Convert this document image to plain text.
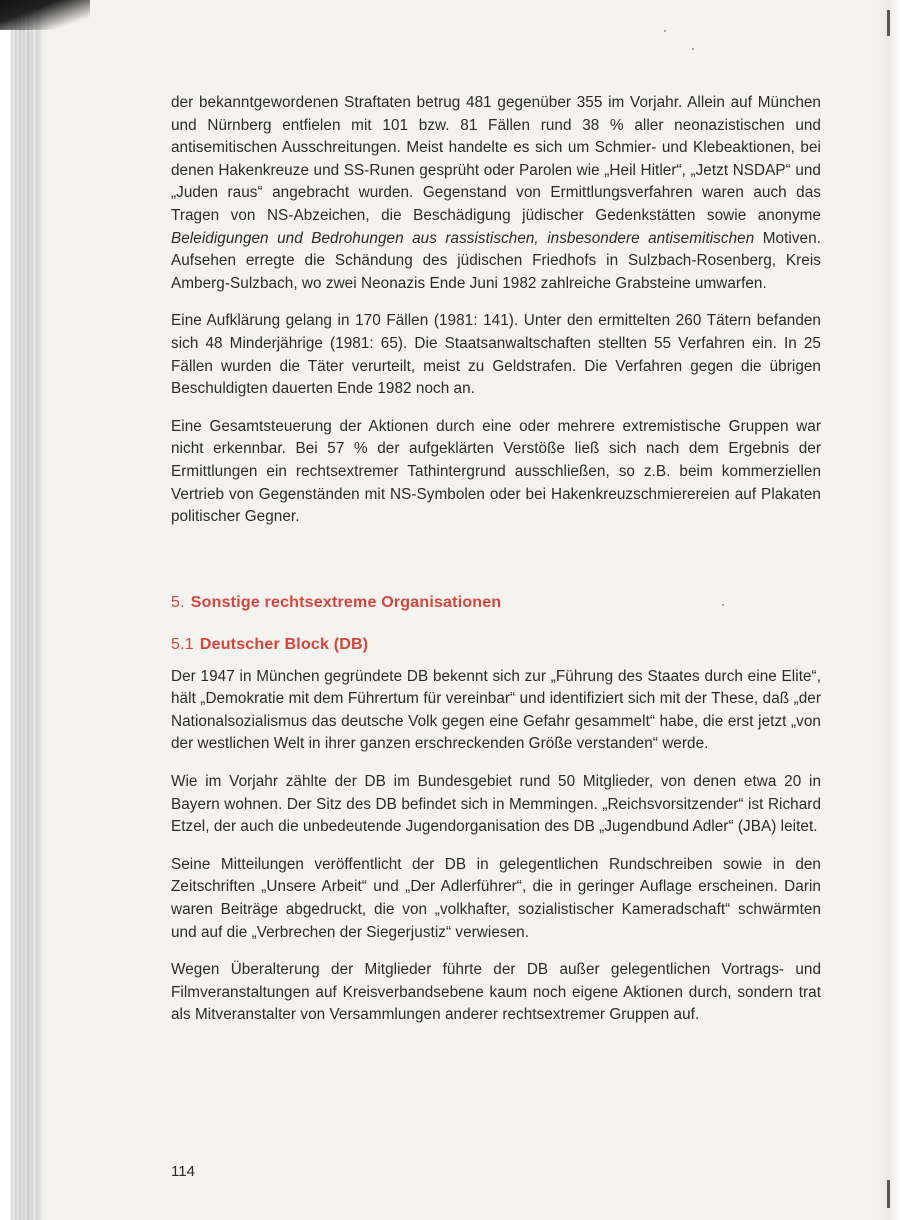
der bekanntgewordenen Straftaten betrug 481 gegenüber 355 im Vorjahr. Allein auf München und Nürnberg entfielen mit 101 bzw. 81 Fällen rund 38 % aller neonazistischen und antisemitischen Ausschreitungen. Meist handelte es sich um Schmier- und Klebeaktionen, bei denen Hakenkreuze und SS-Runen gesprüht oder Parolen wie „Heil Hitler“, „Jetzt NSDAP“ und „Juden raus“ angebracht wurden. Gegenstand von Ermittlungsverfahren waren auch das Tragen von NS-Abzeichen, die Beschädigung jüdischer Gedenkstätten sowie anonyme Beleidigungen und Bedrohungen aus rassistischen, insbesondere antisemitischen Motiven. Aufsehen erregte die Schändung des jüdischen Friedhofs in Sulzbach-Rosenberg, Kreis Amberg-Sulzbach, wo zwei Neonazis Ende Juni 1982 zahlreiche Grabsteine umwarfen.

Eine Aufklärung gelang in 170 Fällen (1981: 141). Unter den ermittelten 260 Tätern befanden sich 48 Minderjährige (1981: 65). Die Staatsanwaltschaften stellten 55 Verfahren ein. In 25 Fällen wurden die Täter verurteilt, meist zu Geldstrafen. Die Verfahren gegen die übrigen Beschuldigten dauerten Ende 1982 noch an.

Eine Gesamtsteuerung der Aktionen durch eine oder mehrere extremistische Gruppen war nicht erkennbar. Bei 57 % der aufgeklärten Verstöße ließ sich nach dem Ergebnis der Ermittlungen ein rechtsextremer Tathintergrund ausschließen, so z.B. beim kommerziellen Vertrieb von Gegenständen mit NS-Symbolen oder bei Hakenkreuzschmierereien auf Plakaten politischer Gegner.

5. Sonstige rechtsextreme Organisationen
5.1 Deutscher Block (DB)

Der 1947 in München gegründete DB bekennt sich zur „Führung des Staates durch eine Elite“, hält „Demokratie mit dem Führertum für vereinbar“ und identifiziert sich mit der These, daß „der Nationalsozialismus das deutsche Volk gegen eine Gefahr gesammelt“ habe, die erst jetzt „von der westlichen Welt in ihrer ganzen erschreckenden Größe verstanden“ werde.

Wie im Vorjahr zählte der DB im Bundesgebiet rund 50 Mitglieder, von denen etwa 20 in Bayern wohnen. Der Sitz des DB befindet sich in Memmingen. „Reichsvorsitzender“ ist Richard Etzel, der auch die unbedeutende Jugendorganisation des DB „Jugendbund Adler“ (JBA) leitet.

Seine Mitteilungen veröffentlicht der DB in gelegentlichen Rundschreiben sowie in den Zeitschriften „Unsere Arbeit“ und „Der Adlerführer“, die in geringer Auflage erscheinen. Darin waren Beiträge abgedruckt, die von „volkhafter, sozialistischer Kameradschaft“ schwärmten und auf die „Verbrechen der Siegerjustiz“ verwiesen.

Wegen Überalterung der Mitglieder führte der DB außer gelegentlichen Vortrags- und Filmveranstaltungen auf Kreisverbandsebene kaum noch eigene Aktionen durch, sondern trat als Mitveranstalter von Versammlungen anderer rechtsextremer Gruppen auf.

114
